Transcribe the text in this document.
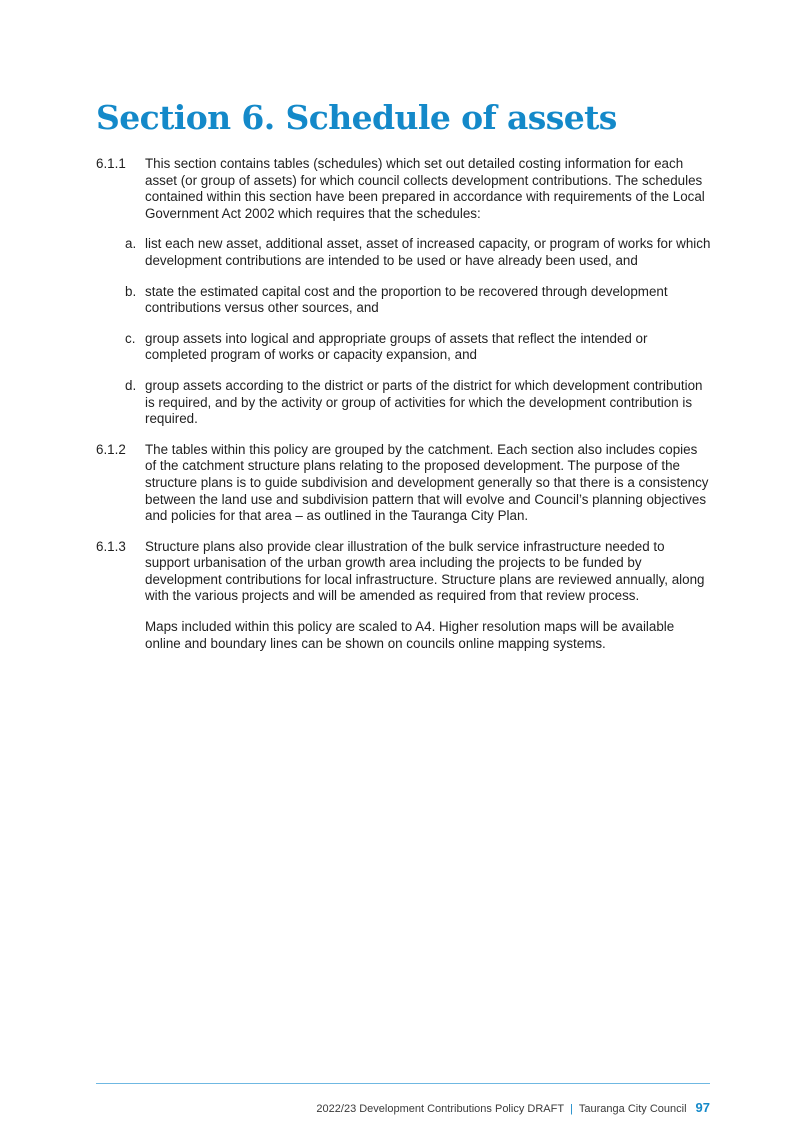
Section 6. Schedule of assets
6.1.1	This section contains tables (schedules) which set out detailed costing information for each asset (or group of assets) for which council collects development contributions. The schedules contained within this section have been prepared in accordance with requirements of the Local Government Act 2002 which requires that the schedules:
a. list each new asset, additional asset, asset of increased capacity, or program of works for which development contributions are intended to be used or have already been used, and
b. state the estimated capital cost and the proportion to be recovered through development contributions versus other sources, and
c. group assets into logical and appropriate groups of assets that reflect the intended or completed program of works or capacity expansion, and
d. group assets according to the district or parts of the district for which development contribution is required, and by the activity or group of activities for which the development contribution is required.
6.1.2	The tables within this policy are grouped by the catchment. Each section also includes copies of the catchment structure plans relating to the proposed development. The purpose of the structure plans is to guide subdivision and development generally so that there is a consistency between the land use and subdivision pattern that will evolve and Council’s planning objectives and policies for that area – as outlined in the Tauranga City Plan.
6.1.3	Structure plans also provide clear illustration of the bulk service infrastructure needed to support urbanisation of the urban growth area including the projects to be funded by development contributions for local infrastructure. Structure plans are reviewed annually, along with the various projects and will be amended as required from that review process.
Maps included within this policy are scaled to A4. Higher resolution maps will be available online and boundary lines can be shown on councils online mapping systems.
2022/23 Development Contributions Policy DRAFT | Tauranga City Council 97
